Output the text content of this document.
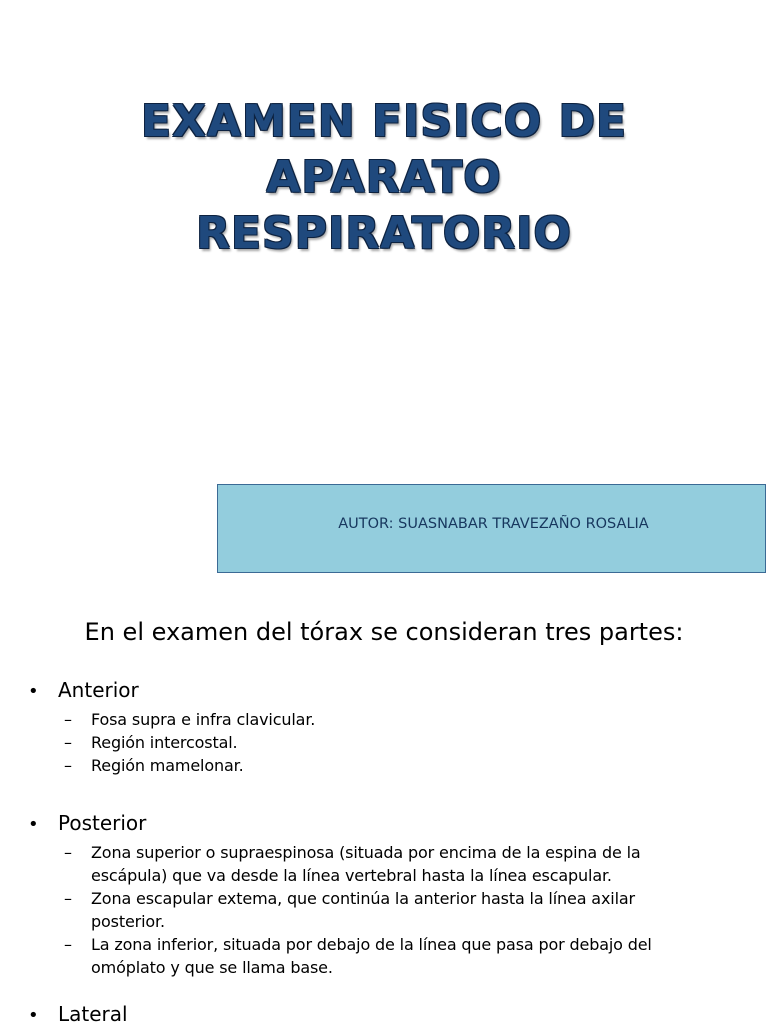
EXAMEN FISICO DE
APARATO
RESPIRATORIO
AUTOR: SUASNABAR TRAVEZAÑO ROSALIA
En el examen del tórax se consideran tres partes:
• Anterior
–	Fosa supra e infra clavicular.
–	Región intercostal.
–	Región mamelonar.
• Posterior
–	Zona superior o supraespinosa (situada por encima de la espina de la escápula) que va desde la línea vertebral hasta la línea escapular.
–	Zona escapular extema, que continúa la anterior hasta la línea axilar posterior.
–	La zona inferior, situada por debajo de la línea que pasa por debajo del omóplato y que se llama base.
• Lateral
